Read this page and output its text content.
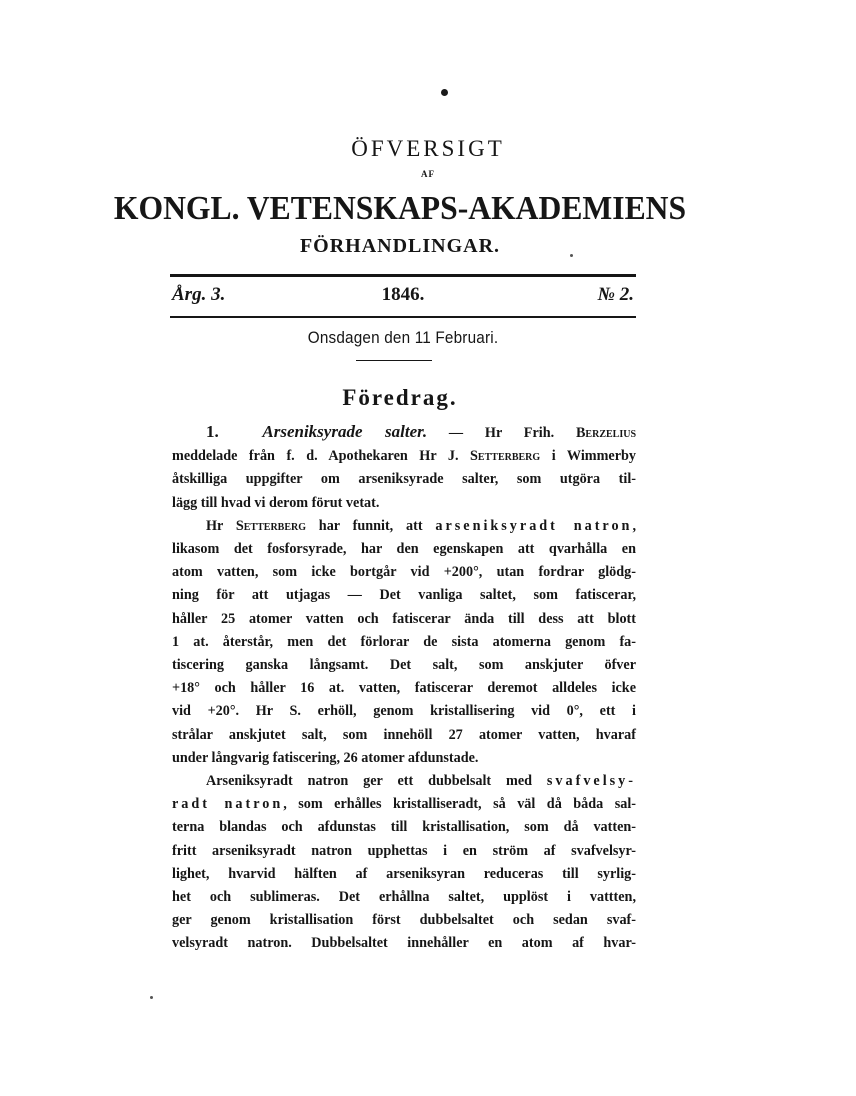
ÖFVERSIGT
AF
KONGL. VETENSKAPS-AKADEMIENS
FÖRHANDLINGAR.
1846.
Årg. 3.	№ 2.
Onsdagen den 11 Februari.
Föredrag.
1.	Arseniksyrade salter. — Hr Frih. Berzelius
meddelade från f. d. Apothekaren Hr J. Setterberg i Wimmerby
åtskilliga uppgifter om arseniksyrade salter, som utgöra til-
lägg till hvad vi derom förut vetat.
Hr Setterberg har funnit, att arseniksyradt natron,
likasom det fosforsyrade, har den egenskapen att qvarhålla en
atom vatten, som icke bortgår vid +200°, utan fordrar glödg-
ning för att utjagas — Det vanliga saltet, som fatiscerar,
håller 25 atomer vatten och fatiscerar ända till dess att blott
1 at. återstår, men det förlorar de sista atomerna genom fa-
tiscering ganska långsamt. Det salt, som anskjuter öfver
+18° och håller 16 at. vatten, fatiscerar deremot alldeles icke
vid +20°. Hr S. erhöll, genom kristallisering vid 0°, ett i
strålar anskjutet salt, som innehöll 27 atomer vatten, hvaraf
under långvarig fatiscering, 26 atomer afdunstade.
Arseniksyradt natron ger ett dubbelsalt med svafvelsy-
radt natron, som erhålles kristalliseradt, så väl då båda sal-
terna blandas och afdunstas till kristallisation, som då vatten-
fritt arseniksyradt natron upphettas i en ström af svafvelsyr-
lighet, hvarvid hälften af arseniksyran reduceras till syrlig-
het och sublimeras. Det erhållna saltet, upplöst i vattten,
ger genom kristallisation först dubbelsaltet och sedan svaf-
velsyradt natron. Dubbelsaltet innehåller en atom af hvar-
